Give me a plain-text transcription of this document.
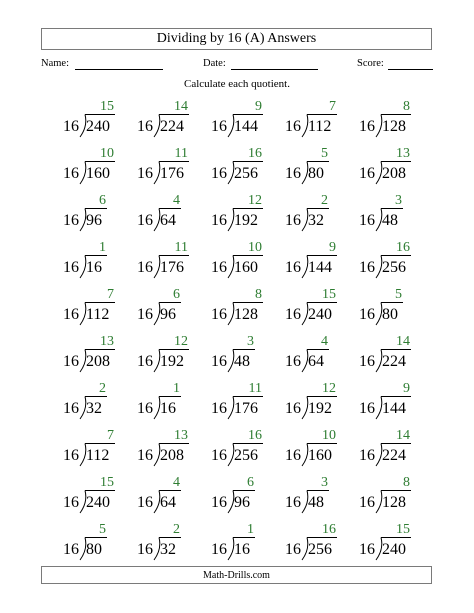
Dividing by 16 (A) Answers
Name:	Date:	Score:
Calculate each quotient.
15
16 240
14
16 224
9
16 144
7
16 112
8
16 128
10
16 160
11
16 176
16
16 256
5
16 80
13
16 208
6
16 96
4
16 64
12
16 192
2
16 32
3
16 48
1
16 16
11
16 176
10
16 160
9
16 144
16
16 256
7
16 112
6
16 96
8
16 128
15
16 240
5
16 80
13
16 208
12
16 192
3
16 48
4
16 64
14
16 224
2
16 32
1
16 16
11
16 176
12
16 192
9
16 144
7
16 112
13
16 208
16
16 256
10
16 160
14
16 224
15
16 240
4
16 64
6
16 96
3
16 48
8
16 128
5
16 80
2
16 32
1
16 16
16
16 256
15
16 240
Math-Drills.com
